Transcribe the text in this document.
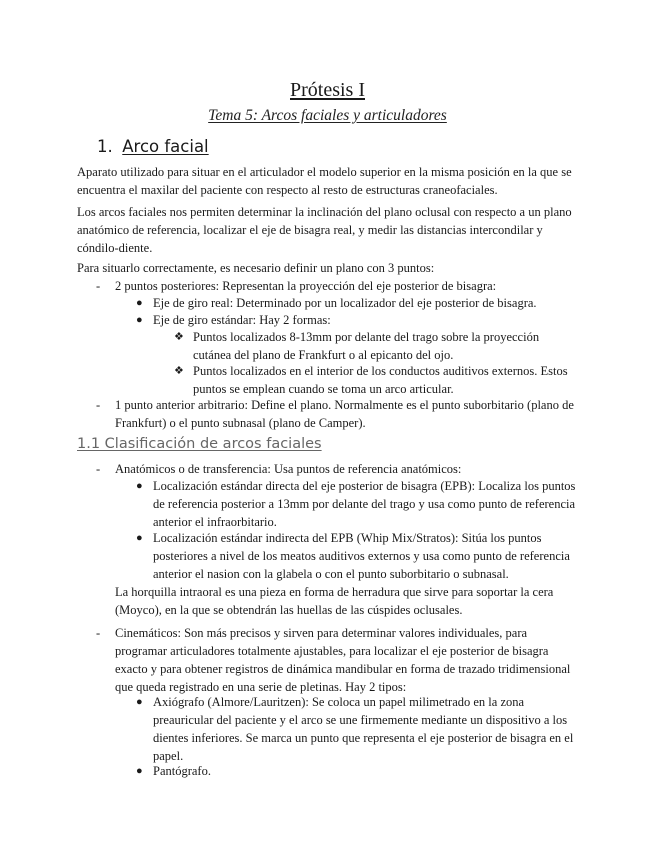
Prótesis I
Tema 5: Arcos faciales y articuladores
1. Arco facial

Aparato utilizado para situar en el articulador el modelo superior en la misma posición en la que se encuentra el maxilar del paciente con respecto al resto de estructuras craneofaciales.

Los arcos faciales nos permiten determinar la inclinación del plano oclusal con respecto a un plano anatómico de referencia, localizar el eje de bisagra real, y medir las distancias intercondilar y cóndilo-diente.

Para situarlo correctamente, es necesario definir un plano con 3 puntos:

- 2 puntos posteriores: Representan la proyección del eje posterior de bisagra:

● Eje de giro real: Determinado por un localizador del eje posterior de bisagra.

● Eje de giro estándar: Hay 2 formas:

❖ Puntos localizados 8-13mm por delante del trago sobre la proyección cutánea del plano de Frankfurt o al epicanto del ojo.

❖ Puntos localizados en el interior de los conductos auditivos externos. Estos puntos se emplean cuando se toma un arco articular.

- 1 punto anterior arbitrario: Define el plano. Normalmente es el punto suborbitario (plano de Frankfurt) o el punto subnasal (plano de Camper).

1.1 Clasificación de arcos faciales
- Anatómicos o de transferencia: Usa puntos de referencia anatómicos:

● Localización estándar directa del eje posterior de bisagra (EPB): Localiza los puntos de referencia posterior a 13mm por delante del trago y usa como punto de referencia anterior el infraorbitario.

● Localización estándar indirecta del EPB (Whip Mix/Stratos): Sitúa los puntos posteriores a nivel de los meatos auditivos externos y usa como punto de referencia anterior el nasion con la glabela o con el punto suborbitario o subnasal.

La horquilla intraoral es una pieza en forma de herradura que sirve para soportar la cera (Moyco), en la que se obtendrán las huellas de las cúspides oclusales.

- Cinemáticos: Son más precisos y sirven para determinar valores individuales, para programar articuladores totalmente ajustables, para localizar el eje posterior de bisagra exacto y para obtener registros de dinámica mandibular en forma de trazado tridimensional que queda registrado en una serie de pletinas. Hay 2 tipos:

● Axiógrafo (Almore/Lauritzen): Se coloca un papel milimetrado en la zona preauricular del paciente y el arco se une firmemente mediante un dispositivo a los dientes inferiores. Se marca un punto que representa el eje posterior de bisagra en el papel.

● Pantógrafo.
